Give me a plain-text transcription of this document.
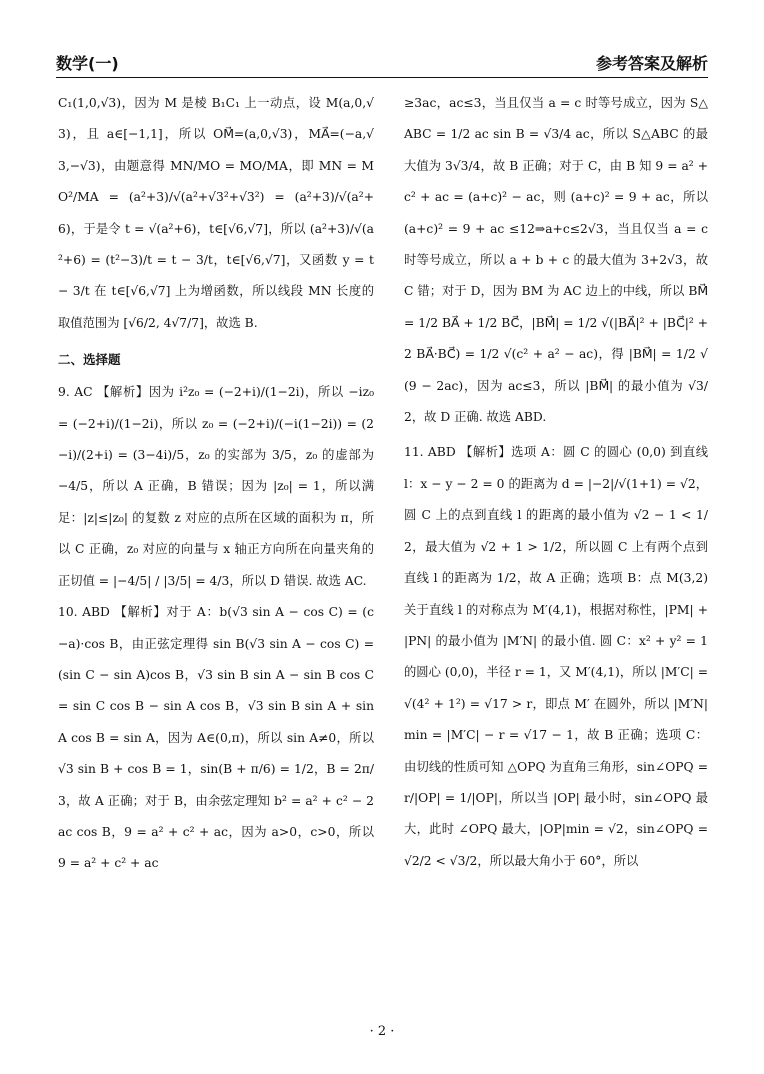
数学(一)	参考答案及解析

C₁(1,0,√3)，因为 M 是棱 B₁C₁ 上一动点，设 M(a,0,√3)，且 a∈[−1,1]，所以 OM⃗=(a,0,√3)，MA⃗=(−a,√3,−√3)，由题意得 MN/MO = MO/MA，即 MN = MO²/MA = (a²+3)/√(a²+√3²+√3²) = (a²+3)/√(a²+6)，于是令 t = √(a²+6)，t∈[√6,√7]，所以 (a²+3)/√(a²+6) = (t²−3)/t = t − 3/t，t∈[√6,√7]，又函数 y = t − 3/t 在 t∈[√6,√7] 上为增函数，所以线段 MN 长度的取值范围为 [√6/2, 4√7/7]，故选 B.

二、选择题

9. AC 【解析】因为 i²z₀ = (−2+i)/(1−2i)，所以 −iz₀ = (−2+i)/(1−2i)，所以 z₀ = (−2+i)/(−i(1−2i)) = (2−i)/(2+i) = (3−4i)/5，z₀ 的实部为 3/5，z₀ 的虚部为 −4/5，所以 A 正确，B 错误；因为 |z₀| = 1，所以满足：|z|≤|z₀| 的复数 z 对应的点所在区域的面积为 π，所以 C 正确，z₀ 对应的向量与 x 轴正方向所在向量夹角的正切值 = |−4/5| / |3/5| = 4/3，所以 D 错误. 故选 AC.

10. ABD 【解析】对于 A：b(√3 sin A − cos C) = (c−a)·cos B，由正弦定理得 sin B(√3 sin A − cos C) = (sin C − sin A)cos B，√3 sin B sin A − sin B cos C = sin C cos B − sin A cos B，√3 sin B sin A + sin A cos B = sin A，因为 A∈(0,π)，所以 sin A≠0，所以 √3 sin B + cos B = 1，sin(B + π/6) = 1/2，B = 2π/3，故 A 正确；对于 B，由余弦定理知 b² = a² + c² − 2ac cos B，9 = a² + c² + ac，因为 a>0，c>0，所以 9 = a² + c² + ac

≥3ac，ac≤3，当且仅当 a = c 时等号成立，因为 S△ABC = 1/2 ac sin B = √3/4 ac，所以 S△ABC 的最大值为 3√3/4，故 B 正确；对于 C，由 B 知 9 = a² + c² + ac = (a+c)² − ac，则 (a+c)² = 9 + ac，所以 (a+c)² = 9 + ac ≤12⇒a+c≤2√3，当且仅当 a = c 时等号成立，所以 a + b + c 的最大值为 3+2√3，故 C 错；对于 D，因为 BM 为 AC 边上的中线，所以 BM⃗ = 1/2 BA⃗ + 1/2 BC⃗，|BM⃗| = 1/2 √(|BA⃗|² + |BC⃗|² + 2 BA⃗·BC⃗) = 1/2 √(c² + a² − ac)，得 |BM⃗| = 1/2 √(9 − 2ac)，因为 ac≤3，所以 |BM⃗| 的最小值为 √3/2，故 D 正确. 故选 ABD.

11. ABD 【解析】选项 A：圆 C 的圆心 (0,0) 到直线 l：x − y − 2 = 0 的距离为 d = |−2|/√(1+1) = √2，圆 C 上的点到直线 l 的距离的最小值为 √2 − 1 < 1/2，最大值为 √2 + 1 > 1/2，所以圆 C 上有两个点到直线 l 的距离为 1/2，故 A 正确；选项 B：点 M(3,2) 关于直线 l 的对称点为 M′(4,1)，根据对称性，|PM| + |PN| 的最小值为 |M′N| 的最小值. 圆 C：x² + y² = 1 的圆心 (0,0)，半径 r = 1，又 M′(4,1)，所以 |M′C| = √(4² + 1²) = √17 > r，即点 M′ 在圆外，所以 |M′N|min = |M′C| − r = √17 − 1，故 B 正确；选项 C：由切线的性质可知 △OPQ 为直角三角形，sin∠OPQ = r/|OP| = 1/|OP|，所以当 |OP| 最小时，sin∠OPQ 最大，此时 ∠OPQ 最大，|OP|min = √2，sin∠OPQ = √2/2 < √3/2，所以最大角小于 60°，所以

· 2 ·
